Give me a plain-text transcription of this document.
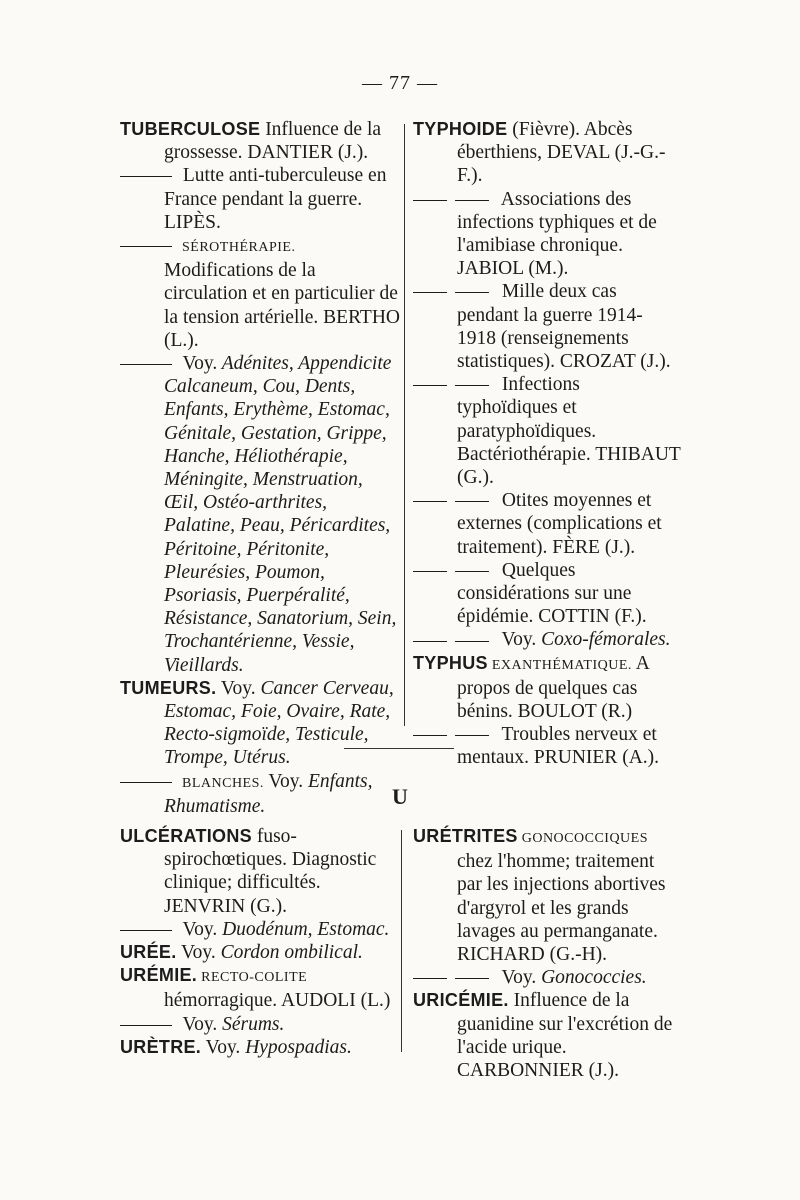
— 77 —
TUBERCULOSE Influence de la grossesse. DANTIER (J.).
Lutte anti-tuberculeuse en France pendant la guerre. LIPÈS.
SÉROTHÉRAPIE. Modifications de la circulation et en particulier de la tension artérielle. BERTHO (L.).
Voy. Adénites, Appendicite Calcaneum, Cou, Dents, Enfants, Erythème, Estomac, Génitale, Gestation, Grippe, Hanche, Héliothérapie, Méningite, Menstruation, Œil, Ostéo-arthrites, Palatine, Peau, Péricardites, Péritoine, Péritonite, Pleurésies, Poumon, Psoriasis, Puerpéralité, Résistance, Sanatorium, Sein, Trochantérienne, Vessie, Vieillards.
TUMEURS. Voy. Cancer Cerveau, Estomac, Foie, Ovaire, Rate, Recto-sigmoïde, Testicule, Trompe, Utérus.
BLANCHES. Voy. Enfants, Rhumatisme.
TYPHOIDE (Fièvre). Abcès éberthiens, DEVAL (J.-G.-F.).
Associations des infections typhiques et de l'amibiase chronique. JABIOL (M.).
Mille deux cas pendant la guerre 1914-1918 (renseignements statistiques). CROZAT (J.).
Infections typhoïdiques et paratyphoïdiques. Bactériothérapie. THIBAUT (G.).
Otites moyennes et externes (complications et traitement). FÈRE (J.).
Quelques considérations sur une épidémie. COTTIN (F.).
Voy. Coxo-fémorales.
TYPHUS EXANTHÉMATIQUE. A propos de quelques cas bénins. BOULOT (R.)
Troubles nerveux et mentaux. PRUNIER (A.).
U
ULCÉRATIONS fuso-spirochœtiques. Diagnostic clinique; difficultés. JENVRIN (G.).
Voy. Duodénum, Estomac.
URÉE. Voy. Cordon ombilical.
URÉMIE. RECTO-COLITE hémorragique. AUDOLI (L.)
Voy. Sérums.
URÈTRE. Voy. Hypospadias.
URÉTRITES GONOCOCCIQUES chez l'homme; traitement par les injections abortives d'argyrol et les grands lavages au permanganate. RICHARD (G.-H).
Voy. Gonococcies.
URICÉMIE. Influence de la guanidine sur l'excrétion de l'acide urique. CARBONNIER (J.).
